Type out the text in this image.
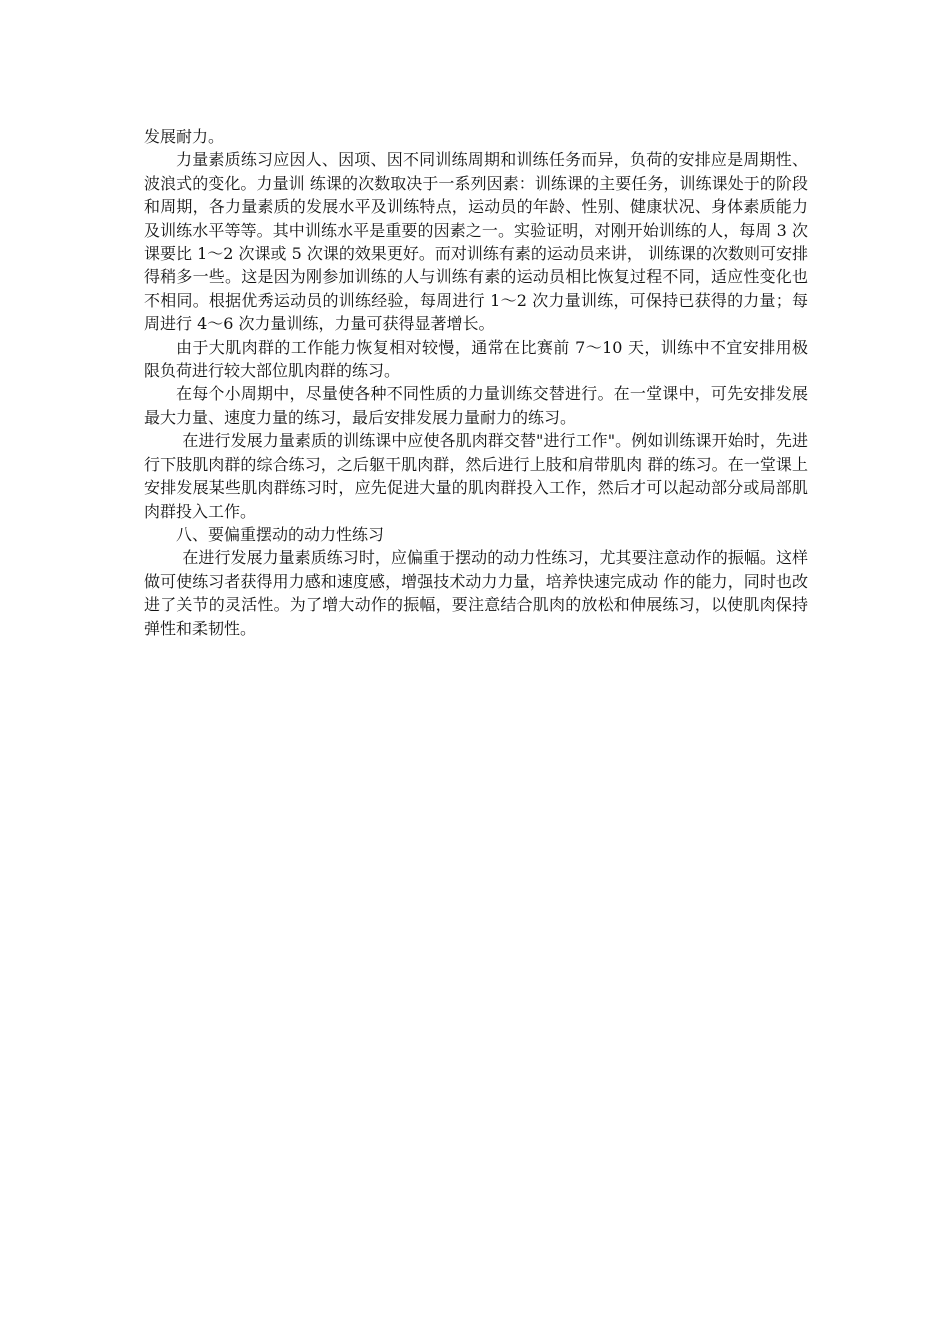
发展耐力。

力量素质练习应因人、因项、因不同训练周期和训练任务而异，负荷的安排应是周期性、波浪式的变化。力量训 练课的次数取决于一系列因素：训练课的主要任务，训练课处于的阶段和周期，各力量素质的发展水平及训练特点，运动员的年龄、性别、健康状况、身体素质能力 及训练水平等等。其中训练水平是重要的因素之一。实验证明，对刚开始训练的人，每周 3 次课要比 1～2 次课或 5 次课的效果更好。而对训练有素的运动员来讲， 训练课的次数则可安排得稍多一些。这是因为刚参加训练的人与训练有素的运动员相比恢复过程不同，适应性变化也不相同。根据优秀运动员的训练经验，每周进行 1～2 次力量训练，可保持已获得的力量；每周进行 4～6 次力量训练，力量可获得显著增长。

由于大肌肉群的工作能力恢复相对较慢，通常在比赛前 7～10 天，训练中不宜安排用极限负荷进行较大部位肌肉群的练习。

在每个小周期中，尽量使各种不同性质的力量训练交替进行。在一堂课中，可先安排发展最大力量、速度力量的练习，最后安排发展力量耐力的练习。

在进行发展力量素质的训练课中应使各肌肉群交替"进行工作"。例如训练课开始时，先进行下肢肌肉群的综合练习，之后躯干肌肉群，然后进行上肢和肩带肌肉 群的练习。在一堂课上安排发展某些肌肉群练习时，应先促进大量的肌肉群投入工作，然后才可以起动部分或局部肌肉群投入工作。

八、要偏重摆动的动力性练习

在进行发展力量素质练习时，应偏重于摆动的动力性练习，尤其要注意动作的振幅。这样做可使练习者获得用力感和速度感，增强技术动力力量，培养快速完成动 作的能力，同时也改进了关节的灵活性。为了增大动作的振幅，要注意结合肌肉的放松和伸展练习，以使肌肉保持弹性和柔韧性。
